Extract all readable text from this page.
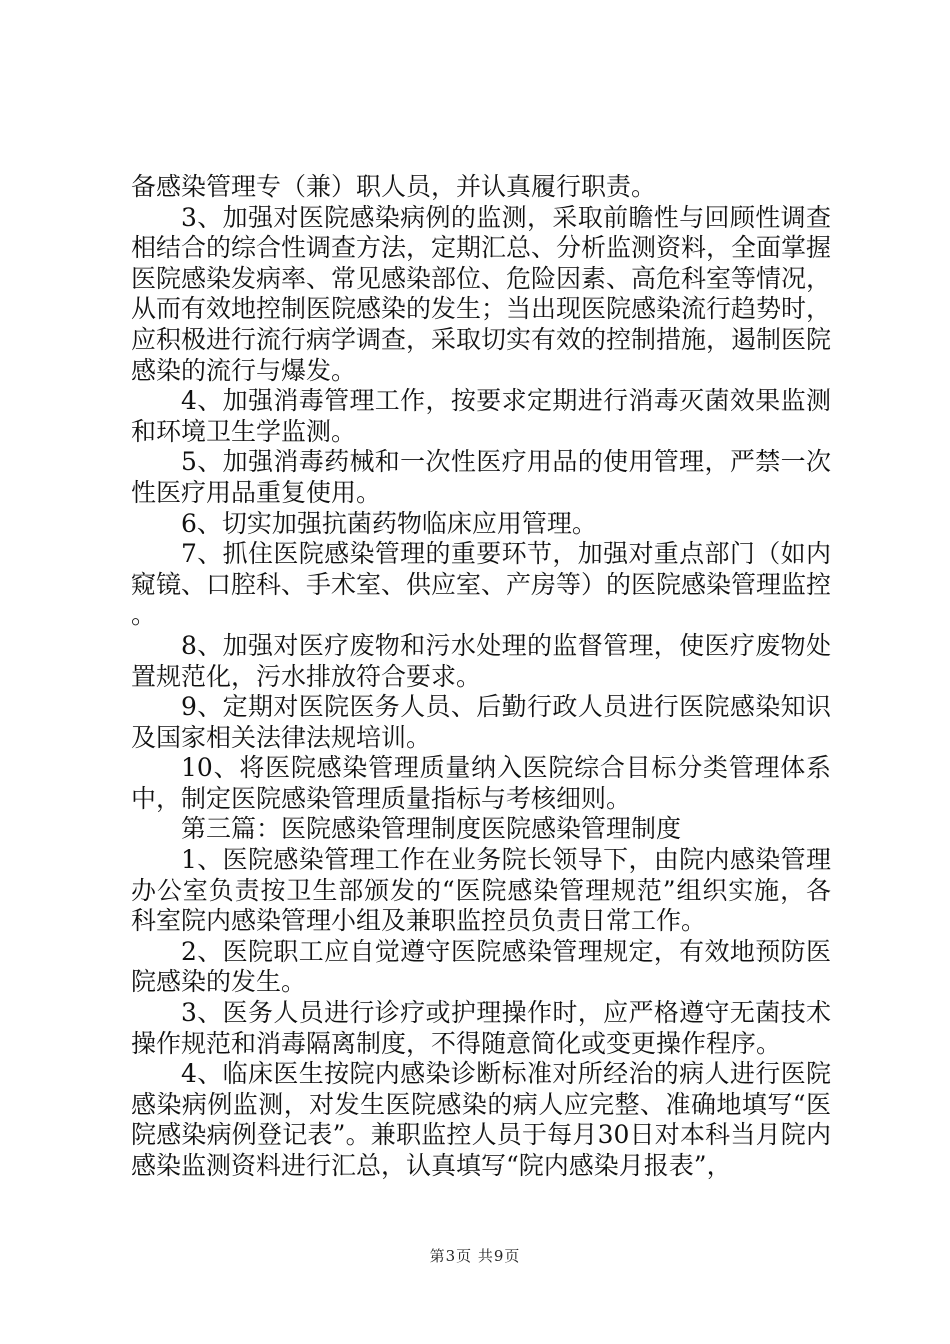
备感染管理专（兼）职人员，并认真履行职责。

3、加强对医院感染病例的监测，采取前瞻性与回顾性调查相结合的综合性调查方法，定期汇总、分析监测资料，全面掌握医院感染发病率、常见感染部位、危险因素、高危科室等情况，从而有效地控制医院感染的发生；当出现医院感染流行趋势时，应积极进行流行病学调查，采取切实有效的控制措施，遏制医院感染的流行与爆发。

4、加强消毒管理工作，按要求定期进行消毒灭菌效果监测和环境卫生学监测。

5、加强消毒药械和一次性医疗用品的使用管理，严禁一次性医疗用品重复使用。

6、切实加强抗菌药物临床应用管理。

7、抓住医院感染管理的重要环节，加强对重点部门（如内窥镜、口腔科、手术室、供应室、产房等）的医院感染管理监控。

8、加强对医疗废物和污水处理的监督管理，使医疗废物处置规范化，污水排放符合要求。

9、定期对医院医务人员、后勤行政人员进行医院感染知识及国家相关法律法规培训。

10、将医院感染管理质量纳入医院综合目标分类管理体系中，制定医院感染管理质量指标与考核细则。

第三篇：医院感染管理制度医院感染管理制度

1、医院感染管理工作在业务院长领导下，由院内感染管理办公室负责按卫生部颁发的“医院感染管理规范”组织实施，各科室院内感染管理小组及兼职监控员负责日常工作。

2、医院职工应自觉遵守医院感染管理规定，有效地预防医院感染的发生。

3、医务人员进行诊疗或护理操作时，应严格遵守无菌技术操作规范和消毒隔离制度，不得随意简化或变更操作程序。

4、临床医生按院内感染诊断标准对所经治的病人进行医院感染病例监测，对发生医院感染的病人应完整、准确地填写“医院感染病例登记表”。兼职监控人员于每月30日对本科当月院内感染监测资料进行汇总，认真填写“院内感染月报表”，

第3页 共9页
